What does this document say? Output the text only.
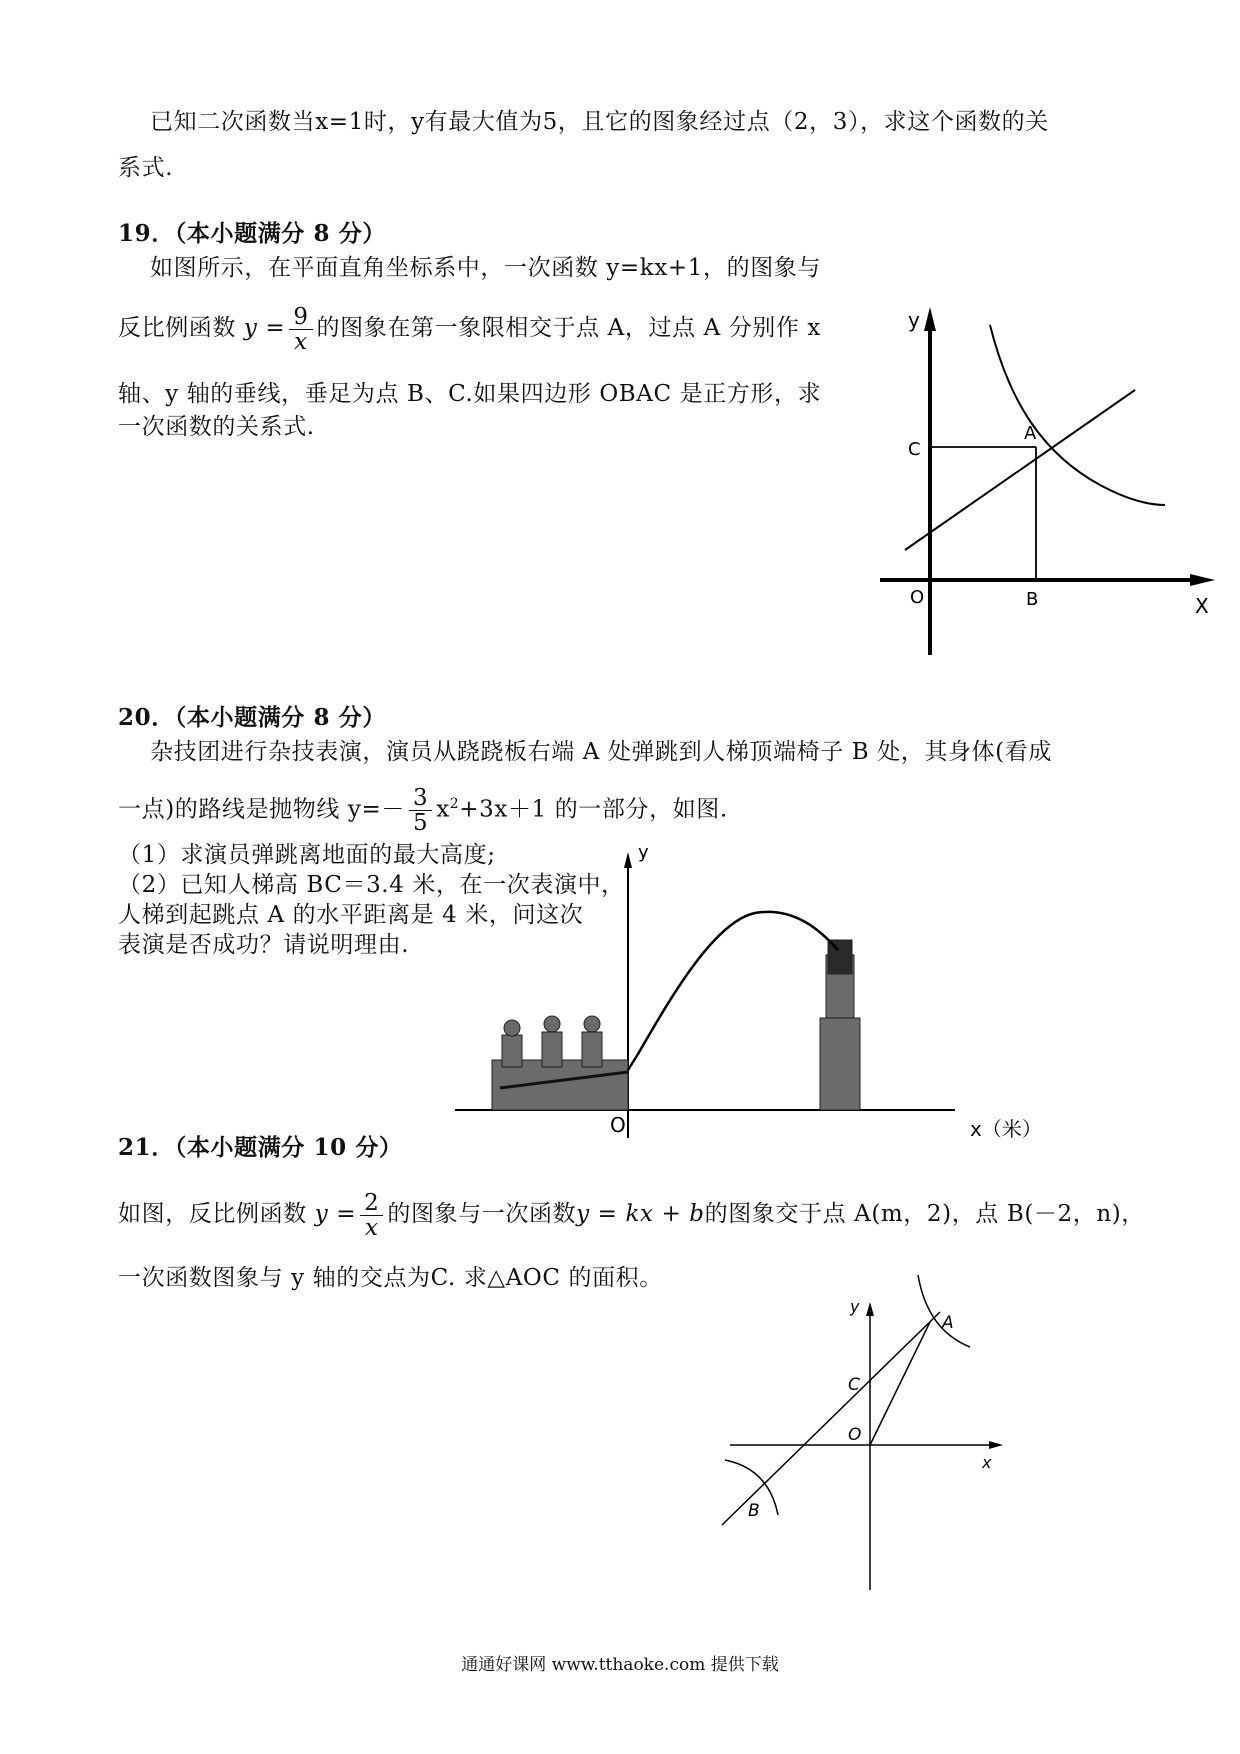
已知二次函数当x=1时，y有最大值为5，且它的图象经过点（2，3），求这个函数的关
系式.
19．（本小题满分 8 分）
如图所示，在平面直角坐标系中，一次函数 y=kx+1，的图象与
反比例函数 $y = \frac{9}{x}$ 的图象在第一象限相交于点 A，过点 A 分别作 x
轴、y 轴的垂线，垂足为点 B、C.如果四边形 OBAC 是正方形，求
一次函数的关系式.
y
X
O
A
B
C
20．（本小题满分 8 分）
杂技团进行杂技表演，演员从跷跷板右端 A 处弹跳到人梯顶端椅子 B 处，其身体(看成
一点)的路线是抛物线 $y=- \frac{3}{5} x^2+3x+1$ 的一部分，如图.
（1）求演员弹跳离地面的最大高度;
（2）已知人梯高 BC＝3.4 米，在一次表演中，
人梯到起跳点 A 的水平距离是 4 米，问这次
表演是否成功？请说明理由.
y
x（米）
O
21．（本小题满分 10 分）
如图，反比例函数 $y = \frac{2}{x}$ 的图象与一次函数y = kx + b的图象交于点 A(m，2)，点 B(－2，n)，
一次函数图象与 y 轴的交点为C. 求△AOC 的面积。
y
x
O
A
B
C
通通好课网 www.tthaoke.com 提供下载
